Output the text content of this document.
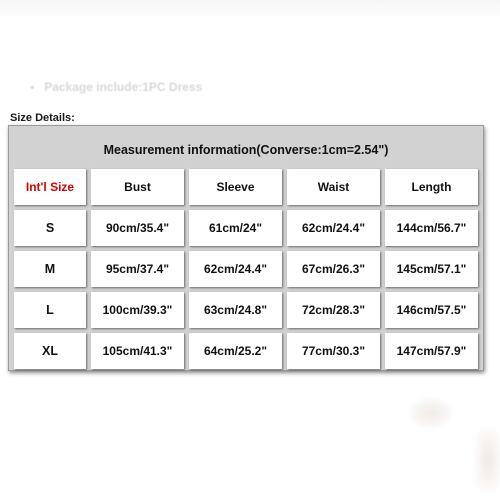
• Package include:1PC Dress
Size Details:
Measurement information(Converse:1cm=2.54")
Int'l Size	Bust	Sleeve	Waist	Length
S	90cm/35.4"	61cm/24"	62cm/24.4"	144cm/56.7"
M	95cm/37.4"	62cm/24.4"	67cm/26.3"	145cm/57.1"
L	100cm/39.3"	63cm/24.8"	72cm/28.3"	146cm/57.5"
XL	105cm/41.3"	64cm/25.2"	77cm/30.3"	147cm/57.9"
